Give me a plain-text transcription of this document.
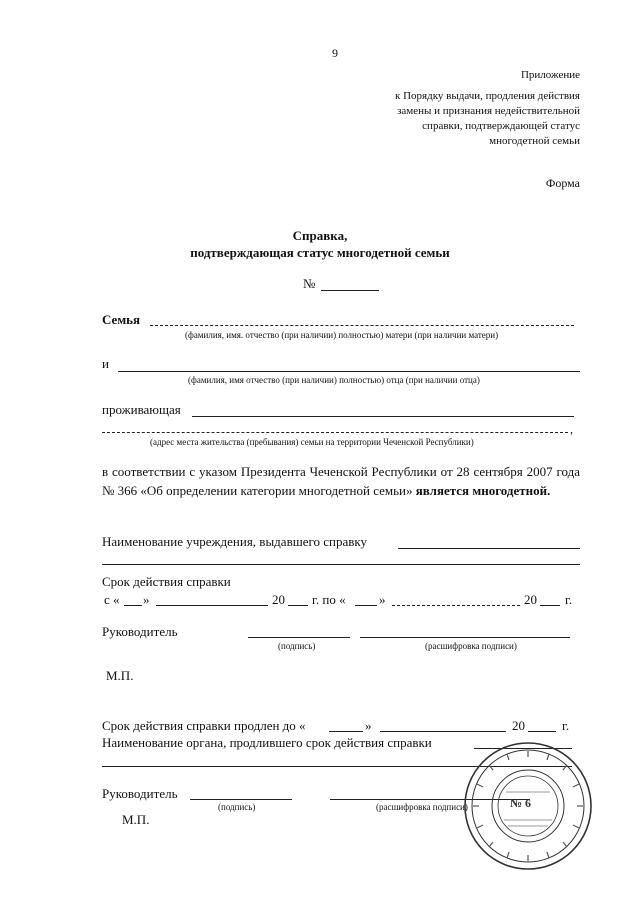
9
Приложение
к Порядку выдачи, продления действия
замены и признания недействительной
справки, подтверждающей статус
многодетной семьи
Форма
Справка,
подтверждающая статус многодетной семьи
№
Семья
(фамилия, имя. отчество (при наличии) полностью) матери (при наличии матери)
и
(фамилия, имя отчество (при наличии) полностью) отца (при наличии отца)
проживающая
,
(адрес места жительства (пребывания) семьи на территории Чеченской Республики)
в соответствии с указом Президента Чеченской Республики от 28 сентября 2007 года № 366 «Об определении категории многодетной семьи» является многодетной.
Наименование учреждения, выдавшего справку
Срок действия справки
с « »	20 г. по «	»	20 г.
Руководитель
(подпись)	(расшифровка подписи)
М.П.
Срок действия справки продлен до «	»	20	г.
Наименование органа, продлившего срок действия справки
Руководитель
(подпись)	(расшифровка подписи)
М.П.
№ 6
